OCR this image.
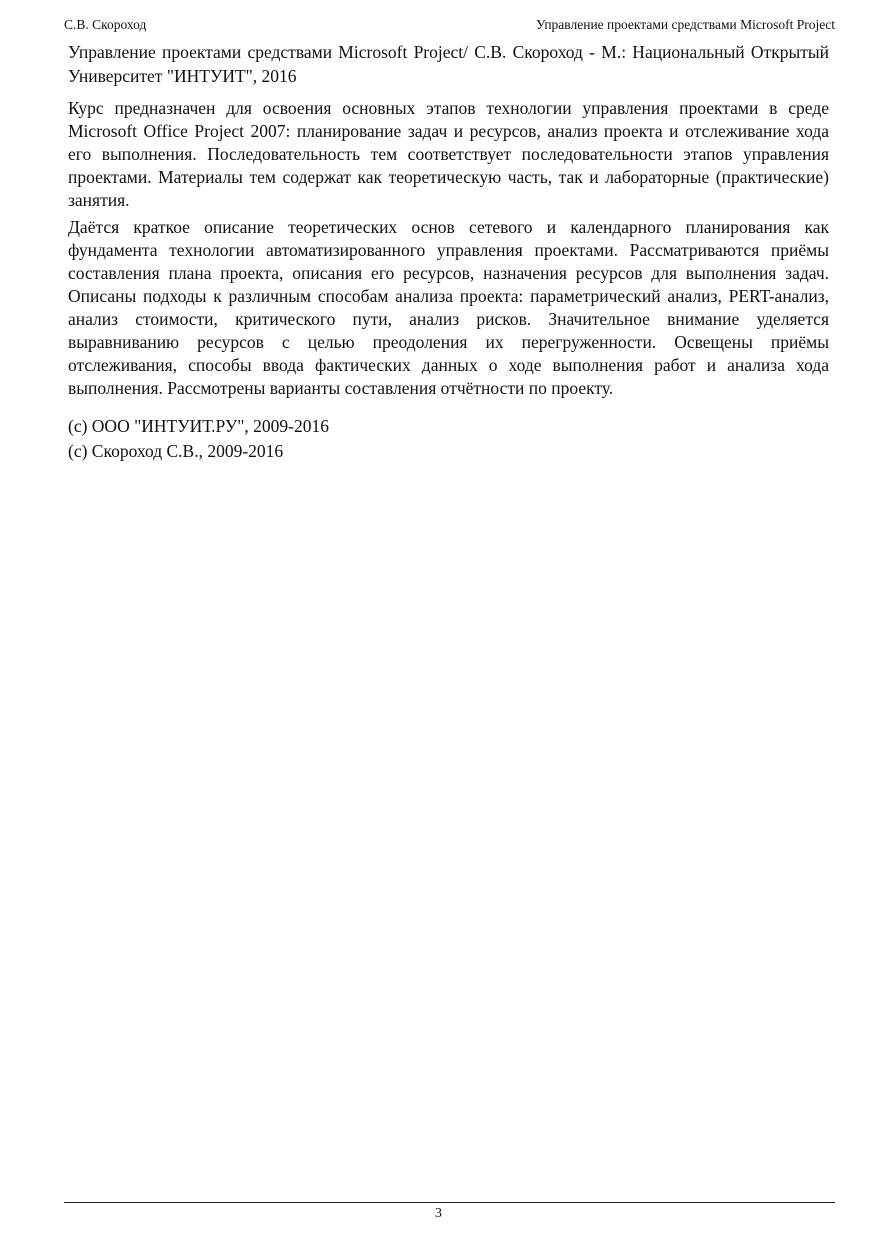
С.В. Скороход	Управление проектами средствами Microsoft Project

Управление проектами средствами Microsoft Project/ С.В. Скороход - М.: Национальный Открытый Университет "ИНТУИТ", 2016

Курс предназначен для освоения основных этапов технологии управления проектами в среде Microsoft Office Project 2007: планирование задач и ресурсов, анализ проекта и отслеживание хода его выполнения. Последовательность тем соответствует последовательности этапов управления проектами. Материалы тем содержат как теоретическую часть, так и лабораторные (практические) занятия.

Даётся краткое описание теоретических основ сетевого и календарного планирования как фундамента технологии автоматизированного управления проектами. Рассматриваются приёмы составления плана проекта, описания его ресурсов, назначения ресурсов для выполнения задач. Описаны подходы к различным способам анализа проекта: параметрический анализ, PERT-анализ, анализ стоимости, критического пути, анализ рисков. Значительное внимание уделяется выравниванию ресурсов с целью преодоления их перегруженности. Освещены приёмы отслеживания, способы ввода фактических данных о ходе выполнения работ и анализа хода выполнения. Рассмотрены варианты составления отчётности по проекту.

(c) ООО "ИНТУИТ.РУ", 2009-2016

(c) Скороход С.В., 2009-2016

3
